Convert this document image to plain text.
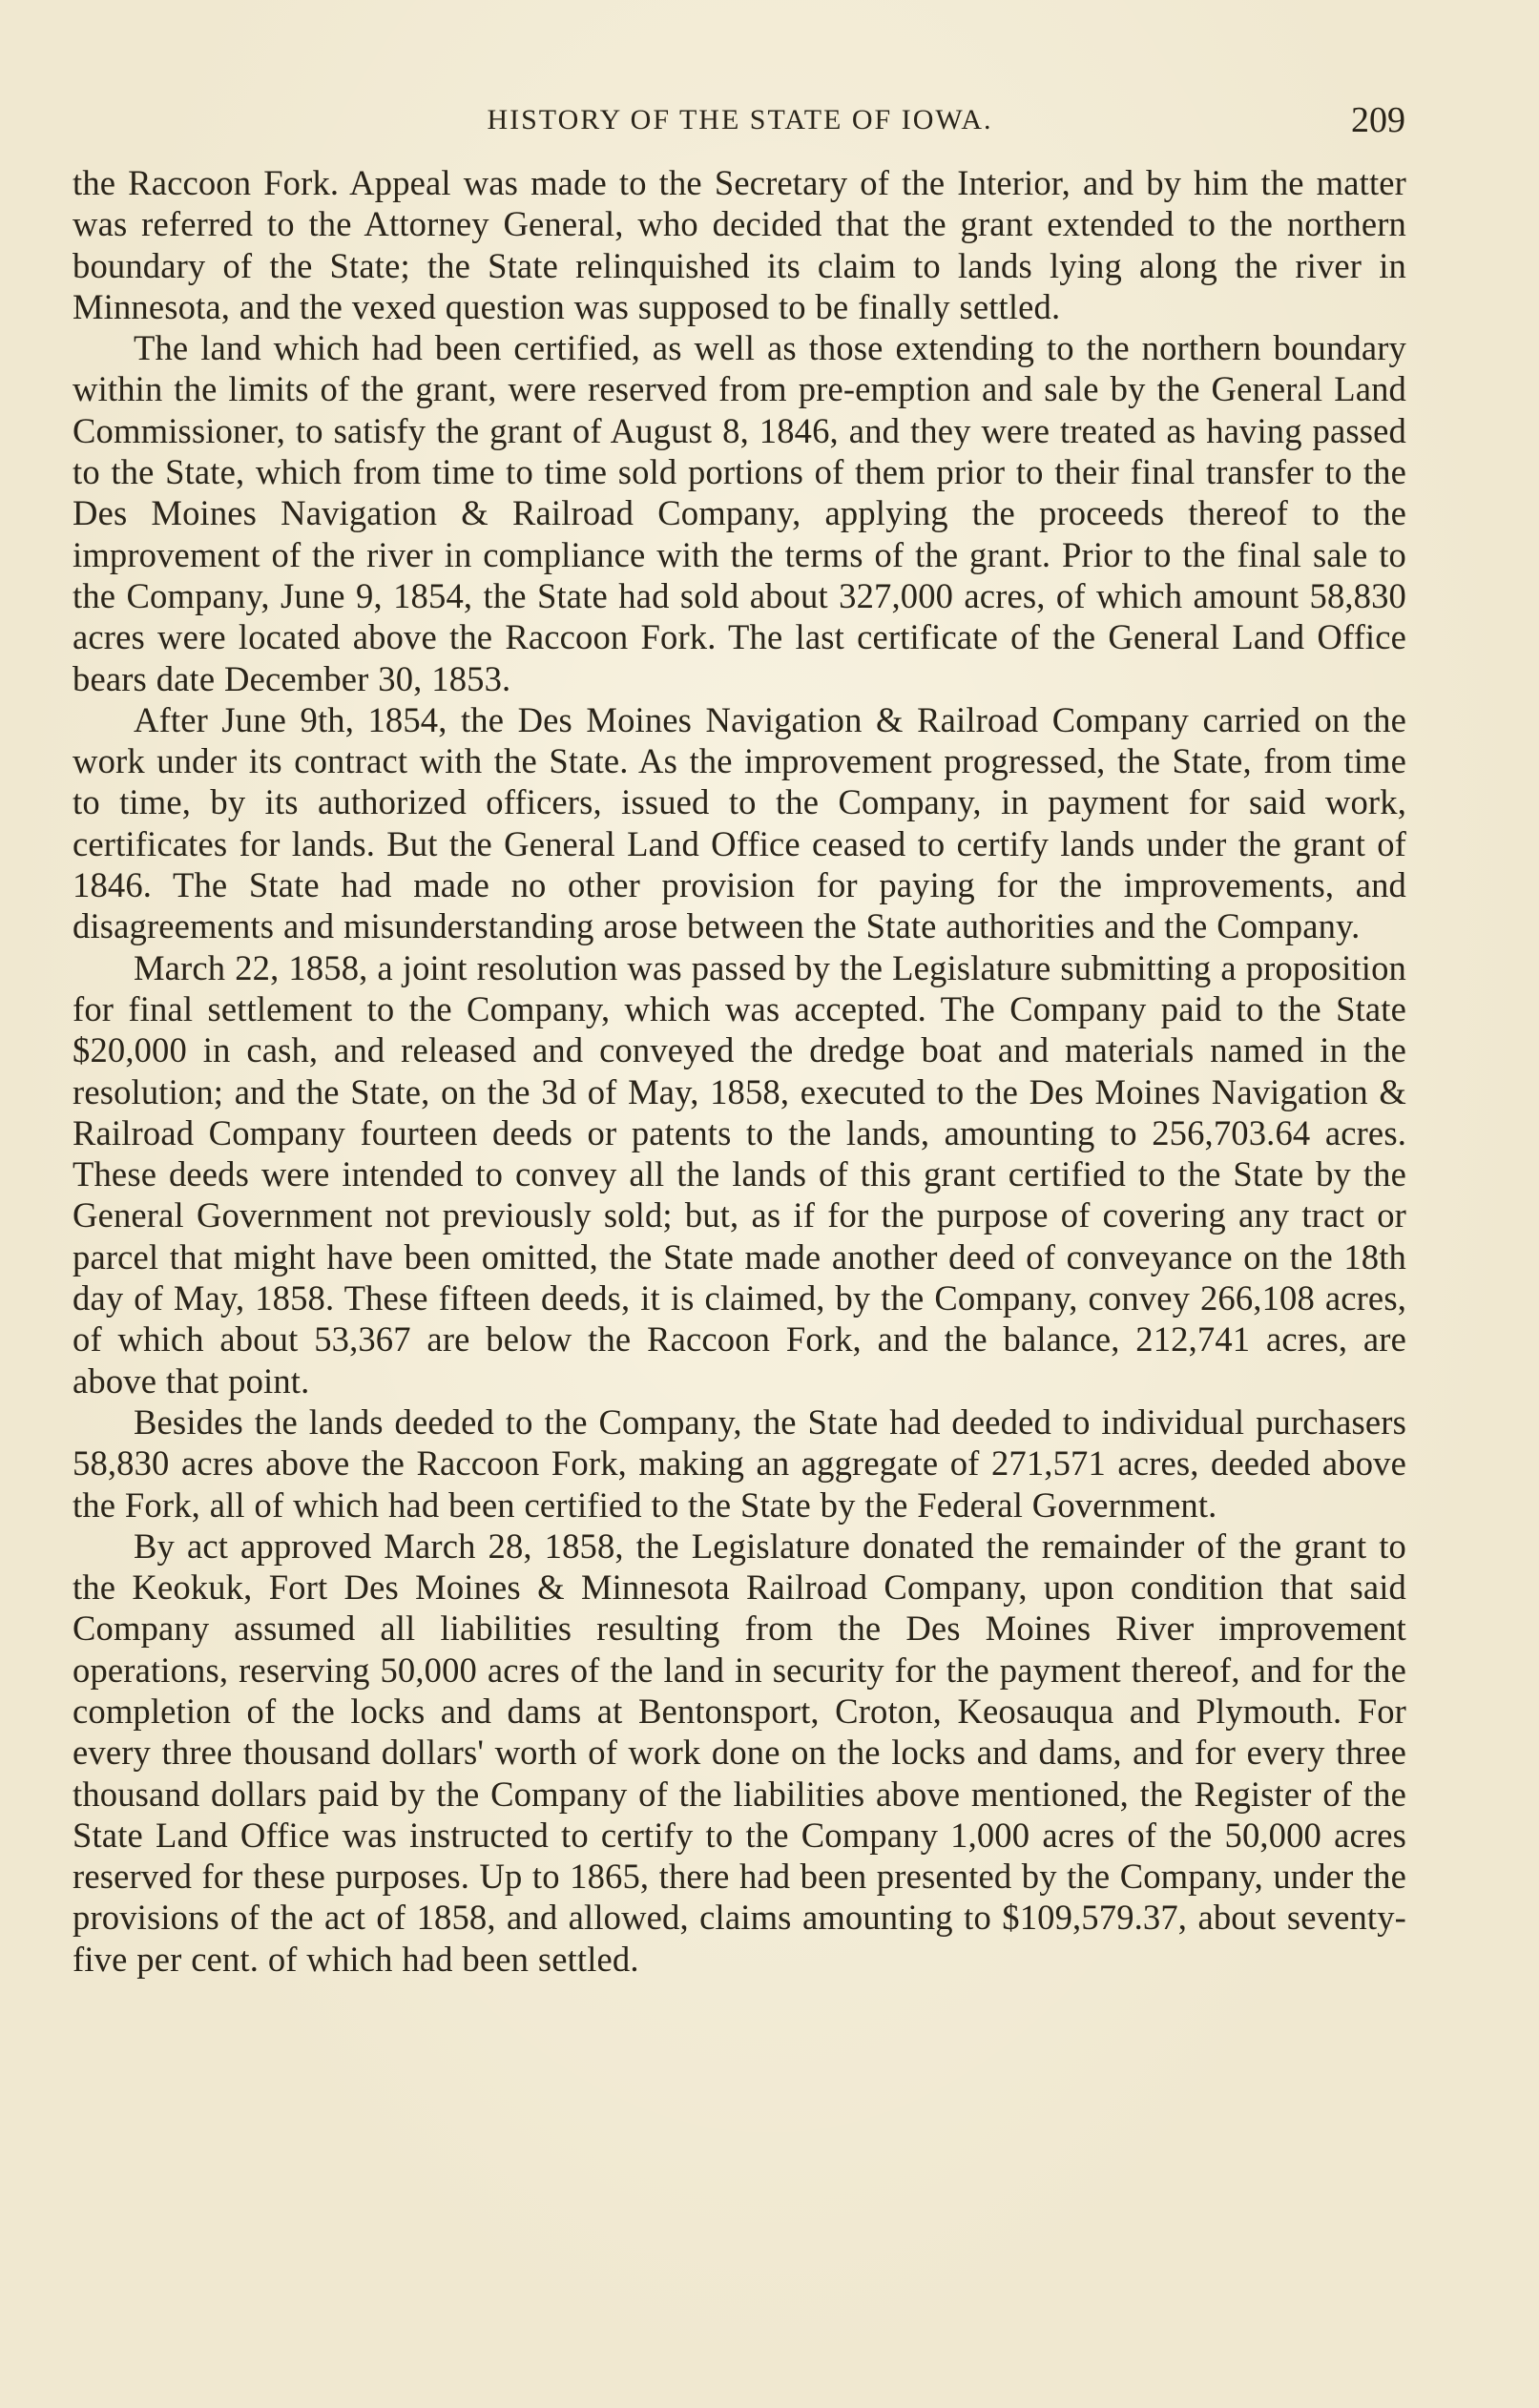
HISTORY OF THE STATE OF IOWA.	209

the Raccoon Fork. Appeal was made to the Secretary of the Interior, and by him the matter was referred to the Attorney General, who decided that the grant extended to the northern boundary of the State; the State relinquished its claim to lands lying along the river in Minnesota, and the vexed question was supposed to be finally settled.

The land which had been certified, as well as those extending to the northern boundary within the limits of the grant, were reserved from pre-emption and sale by the General Land Commissioner, to satisfy the grant of August 8, 1846, and they were treated as having passed to the State, which from time to time sold portions of them prior to their final transfer to the Des Moines Navigation & Railroad Company, applying the proceeds thereof to the improvement of the river in compliance with the terms of the grant. Prior to the final sale to the Company, June 9, 1854, the State had sold about 327,000 acres, of which amount 58,830 acres were located above the Raccoon Fork. The last certificate of the General Land Office bears date December 30, 1853.

After June 9th, 1854, the Des Moines Navigation & Railroad Company carried on the work under its contract with the State. As the improvement progressed, the State, from time to time, by its authorized officers, issued to the Company, in payment for said work, certificates for lands. But the General Land Office ceased to certify lands under the grant of 1846. The State had made no other provision for paying for the improvements, and disagreements and misunderstanding arose between the State authorities and the Company.

March 22, 1858, a joint resolution was passed by the Legislature submitting a proposition for final settlement to the Company, which was accepted. The Company paid to the State $20,000 in cash, and released and conveyed the dredge boat and materials named in the resolution; and the State, on the 3d of May, 1858, executed to the Des Moines Navigation & Railroad Company fourteen deeds or patents to the lands, amounting to 256,703.64 acres. These deeds were intended to convey all the lands of this grant certified to the State by the General Government not previously sold; but, as if for the purpose of covering any tract or parcel that might have been omitted, the State made another deed of conveyance on the 18th day of May, 1858. These fifteen deeds, it is claimed, by the Company, convey 266,108 acres, of which about 53,367 are below the Raccoon Fork, and the balance, 212,741 acres, are above that point.

Besides the lands deeded to the Company, the State had deeded to individual purchasers 58,830 acres above the Raccoon Fork, making an aggregate of 271,571 acres, deeded above the Fork, all of which had been certified to the State by the Federal Government.

By act approved March 28, 1858, the Legislature donated the remainder of the grant to the Keokuk, Fort Des Moines & Minnesota Railroad Company, upon condition that said Company assumed all liabilities resulting from the Des Moines River improvement operations, reserving 50,000 acres of the land in security for the payment thereof, and for the completion of the locks and dams at Bentonsport, Croton, Keosauqua and Plymouth. For every three thousand dollars' worth of work done on the locks and dams, and for every three thousand dollars paid by the Company of the liabilities above mentioned, the Register of the State Land Office was instructed to certify to the Company 1,000 acres of the 50,000 acres reserved for these purposes. Up to 1865, there had been presented by the Company, under the provisions of the act of 1858, and allowed, claims amounting to $109,579.37, about seventy-five per cent. of which had been settled.
